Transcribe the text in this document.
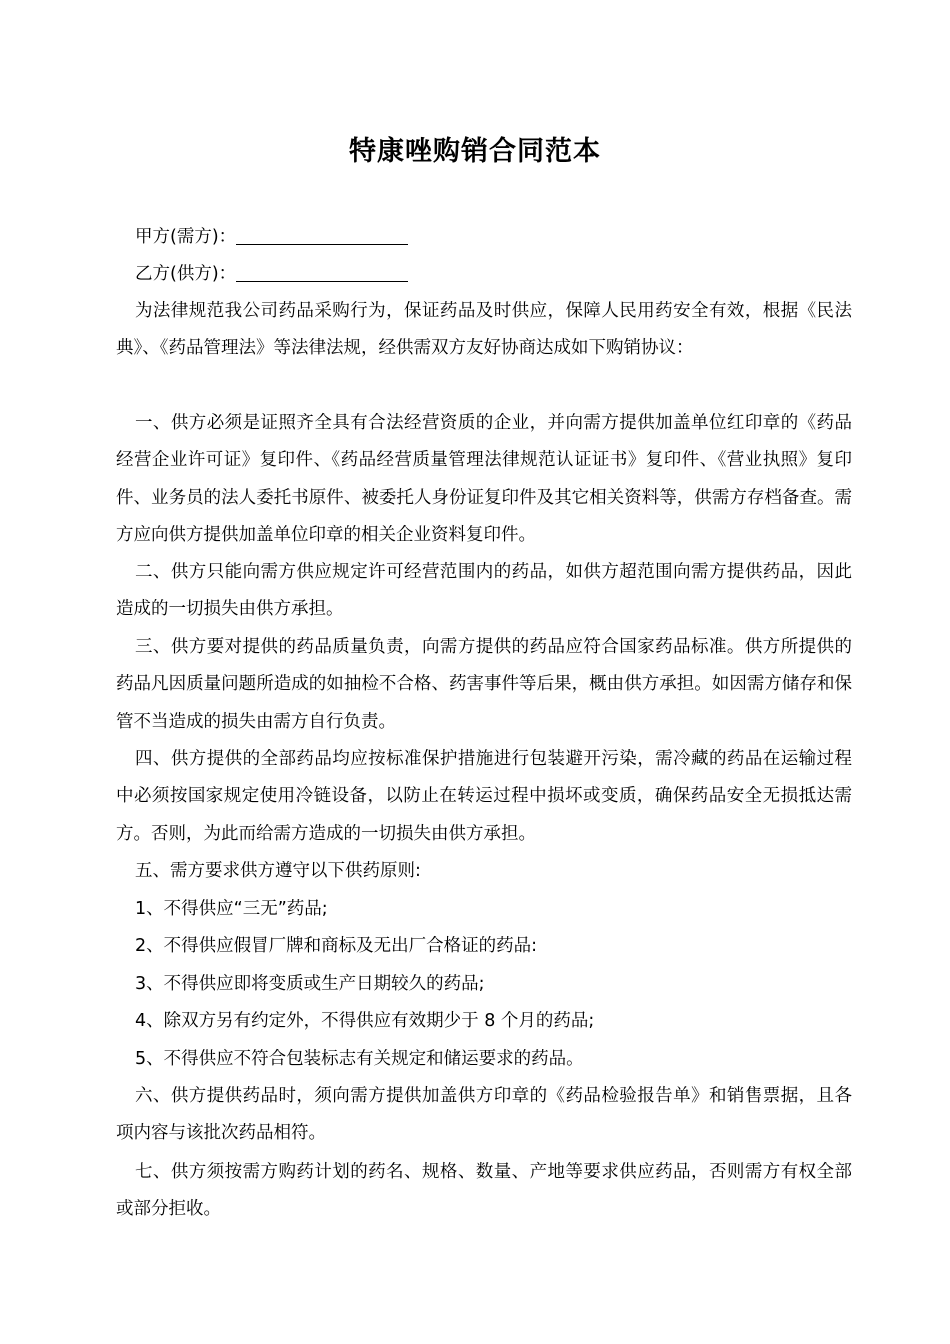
特康唑购销合同范本
甲方(需方)：
乙方(供方)：

为法律规范我公司药品采购行为，保证药品及时供应，保障人民用药安全有效，根据《民法典》、《药品管理法》等法律法规，经供需双方友好协商达成如下购销协议：

一、供方必须是证照齐全具有合法经营资质的企业，并向需方提供加盖单位红印章的《药品经营企业许可证》复印件、《药品经营质量管理法律规范认证证书》复印件、《营业执照》复印件、业务员的法人委托书原件、被委托人身份证复印件及其它相关资料等，供需方存档备查。需方应向供方提供加盖单位印章的相关企业资料复印件。

二、供方只能向需方供应规定许可经营范围内的药品，如供方超范围向需方提供药品，因此造成的一切损失由供方承担。

三、供方要对提供的药品质量负责，向需方提供的药品应符合国家药品标准。供方所提供的药品凡因质量问题所造成的如抽检不合格、药害事件等后果，概由供方承担。如因需方储存和保管不当造成的损失由需方自行负责。

四、供方提供的全部药品均应按标准保护措施进行包装避开污染，需冷藏的药品在运输过程中必须按国家规定使用冷链设备，以防止在转运过程中损坏或变质，确保药品安全无损抵达需方。否则，为此而给需方造成的一切损失由供方承担。

五、需方要求供方遵守以下供药原则:

1、不得供应“三无”药品;

2、不得供应假冒厂牌和商标及无出厂合格证的药品:

3、不得供应即将变质或生产日期较久的药品;

4、除双方另有约定外，不得供应有效期少于 8 个月的药品;

5、不得供应不符合包装标志有关规定和储运要求的药品。

六、供方提供药品时，须向需方提供加盖供方印章的《药品检验报告单》和销售票据，且各项内容与该批次药品相符。

七、供方须按需方购药计划的药名、规格、数量、产地等要求供应药品，否则需方有权全部或部分拒收。
